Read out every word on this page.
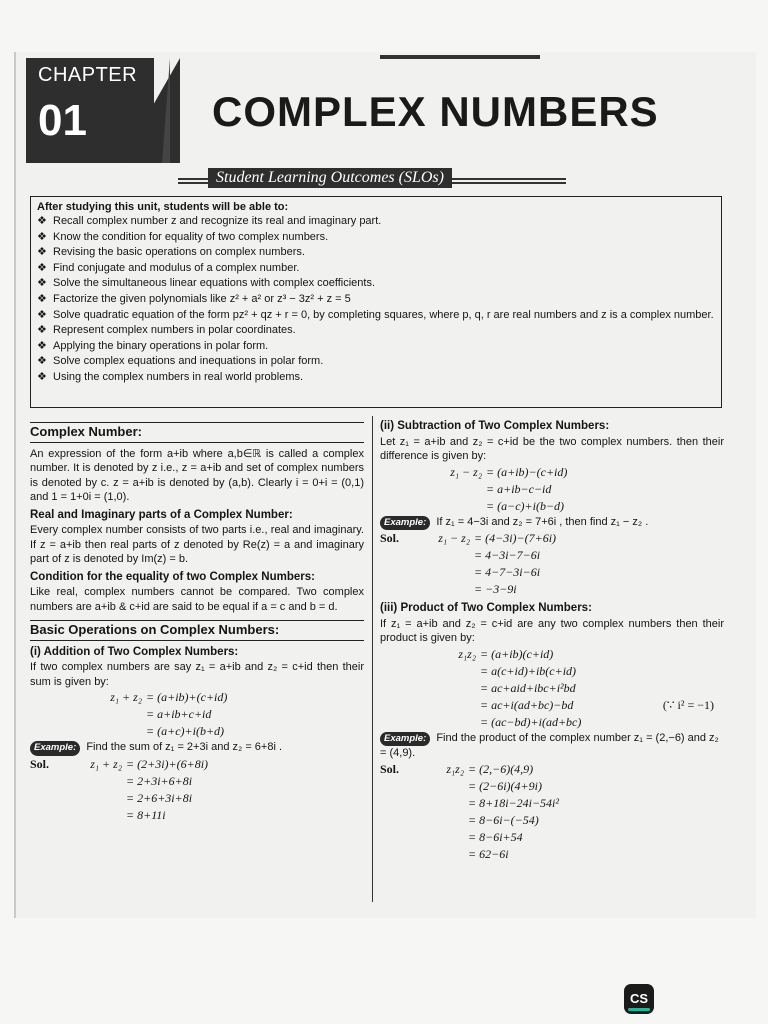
CHAPTER
01	COMPLEX NUMBERS
Student Learning Outcomes (SLOs)
After studying this unit, students will be able to:
❖ Recall complex number z and recognize its real and imaginary part.
❖ Know the condition for equality of two complex numbers.
❖ Revising the basic operations on complex numbers.
❖ Find conjugate and modulus of a complex number.
❖ Solve the simultaneous linear equations with complex coefficients.
❖ Factorize the given polynomials like z² + a² or z³ − 3z² + z = 5
❖ Solve quadratic equation of the form pz² + qz + r = 0, by completing squares, where p, q, r are real numbers and z is a complex number.
❖ Represent complex numbers in polar coordinates.
❖ Applying the binary operations in polar form.
❖ Solve complex equations and inequations in polar form.
❖ Using the complex numbers in real world problems.
Complex Number:
An expression of the form a+ib where a,b∈ℝ is called a complex number. It is denoted by z i.e., z = a+ib and set of complex numbers is denoted by c. z = a+ib is denoted by (a,b). Clearly i = 0+i = (0,1) and 1 = 1+0i = (1,0).
Real and Imaginary parts of a Complex Number:
Every complex number consists of two parts i.e., real and imaginary. If z = a+ib then real parts of z denoted by Re(z) = a and imaginary part of z is denoted by Im(z) = b.
Condition for the equality of two Complex Numbers:
Like real, complex numbers cannot be compared. Two complex numbers are a+ib & c+id are said to be equal if a = c and b = d.
Basic Operations on Complex Numbers:
(i) Addition of Two Complex Numbers:
If two complex numbers are say z₁ = a+ib and z₂ = c+id then their sum is given by:
z₁ + z₂ = (a+ib)+(c+id)
= a+ib+c+id
= (a+c)+i(b+d)
Example: Find the sum of z₁ = 2+3i and z₂ = 6+8i .
Sol.	z₁ + z₂ = (2+3i)+(6+8i)
= 2+3i+6+8i
= 2+6+3i+8i
= 8+11i
(ii) Subtraction of Two Complex Numbers:
Let z₁ = a+ib and z₂ = c+id be the two complex numbers. then their difference is given by:
z₁ − z₂ = (a+ib)−(c+id)
= a+ib−c−id
= (a−c)+i(b−d)
Example: If z₁ = 4−3i and z₂ = 7+6i , then find z₁ − z₂ .
Sol.	z₁ − z₂ = (4−3i)−(7+6i)
= 4−3i−7−6i
= 4−7−3i−6i
= −3−9i
(iii) Product of Two Complex Numbers:
If z₁ = a+ib and z₂ = c+id are any two complex numbers then their product is given by:
(∵ i² = −1)
z₁z₂ = (a+ib)(c+id)
= a(c+id)+ib(c+id)
= ac+aid+ibc+i²bd
= ac+i(ad+bc)−bd
= (ac−bd)+i(ad+bc)
Example: Find the product of the complex number z₁ = (2,−6) and z₂ = (4,9).
Sol.	z₁z₂ = (2,−6)(4,9)
= (2−6i)(4+9i)
= 8+18i−24i−54i²
= 8−6i−(−54)
= 8−6i+54
= 62−6i
CS
